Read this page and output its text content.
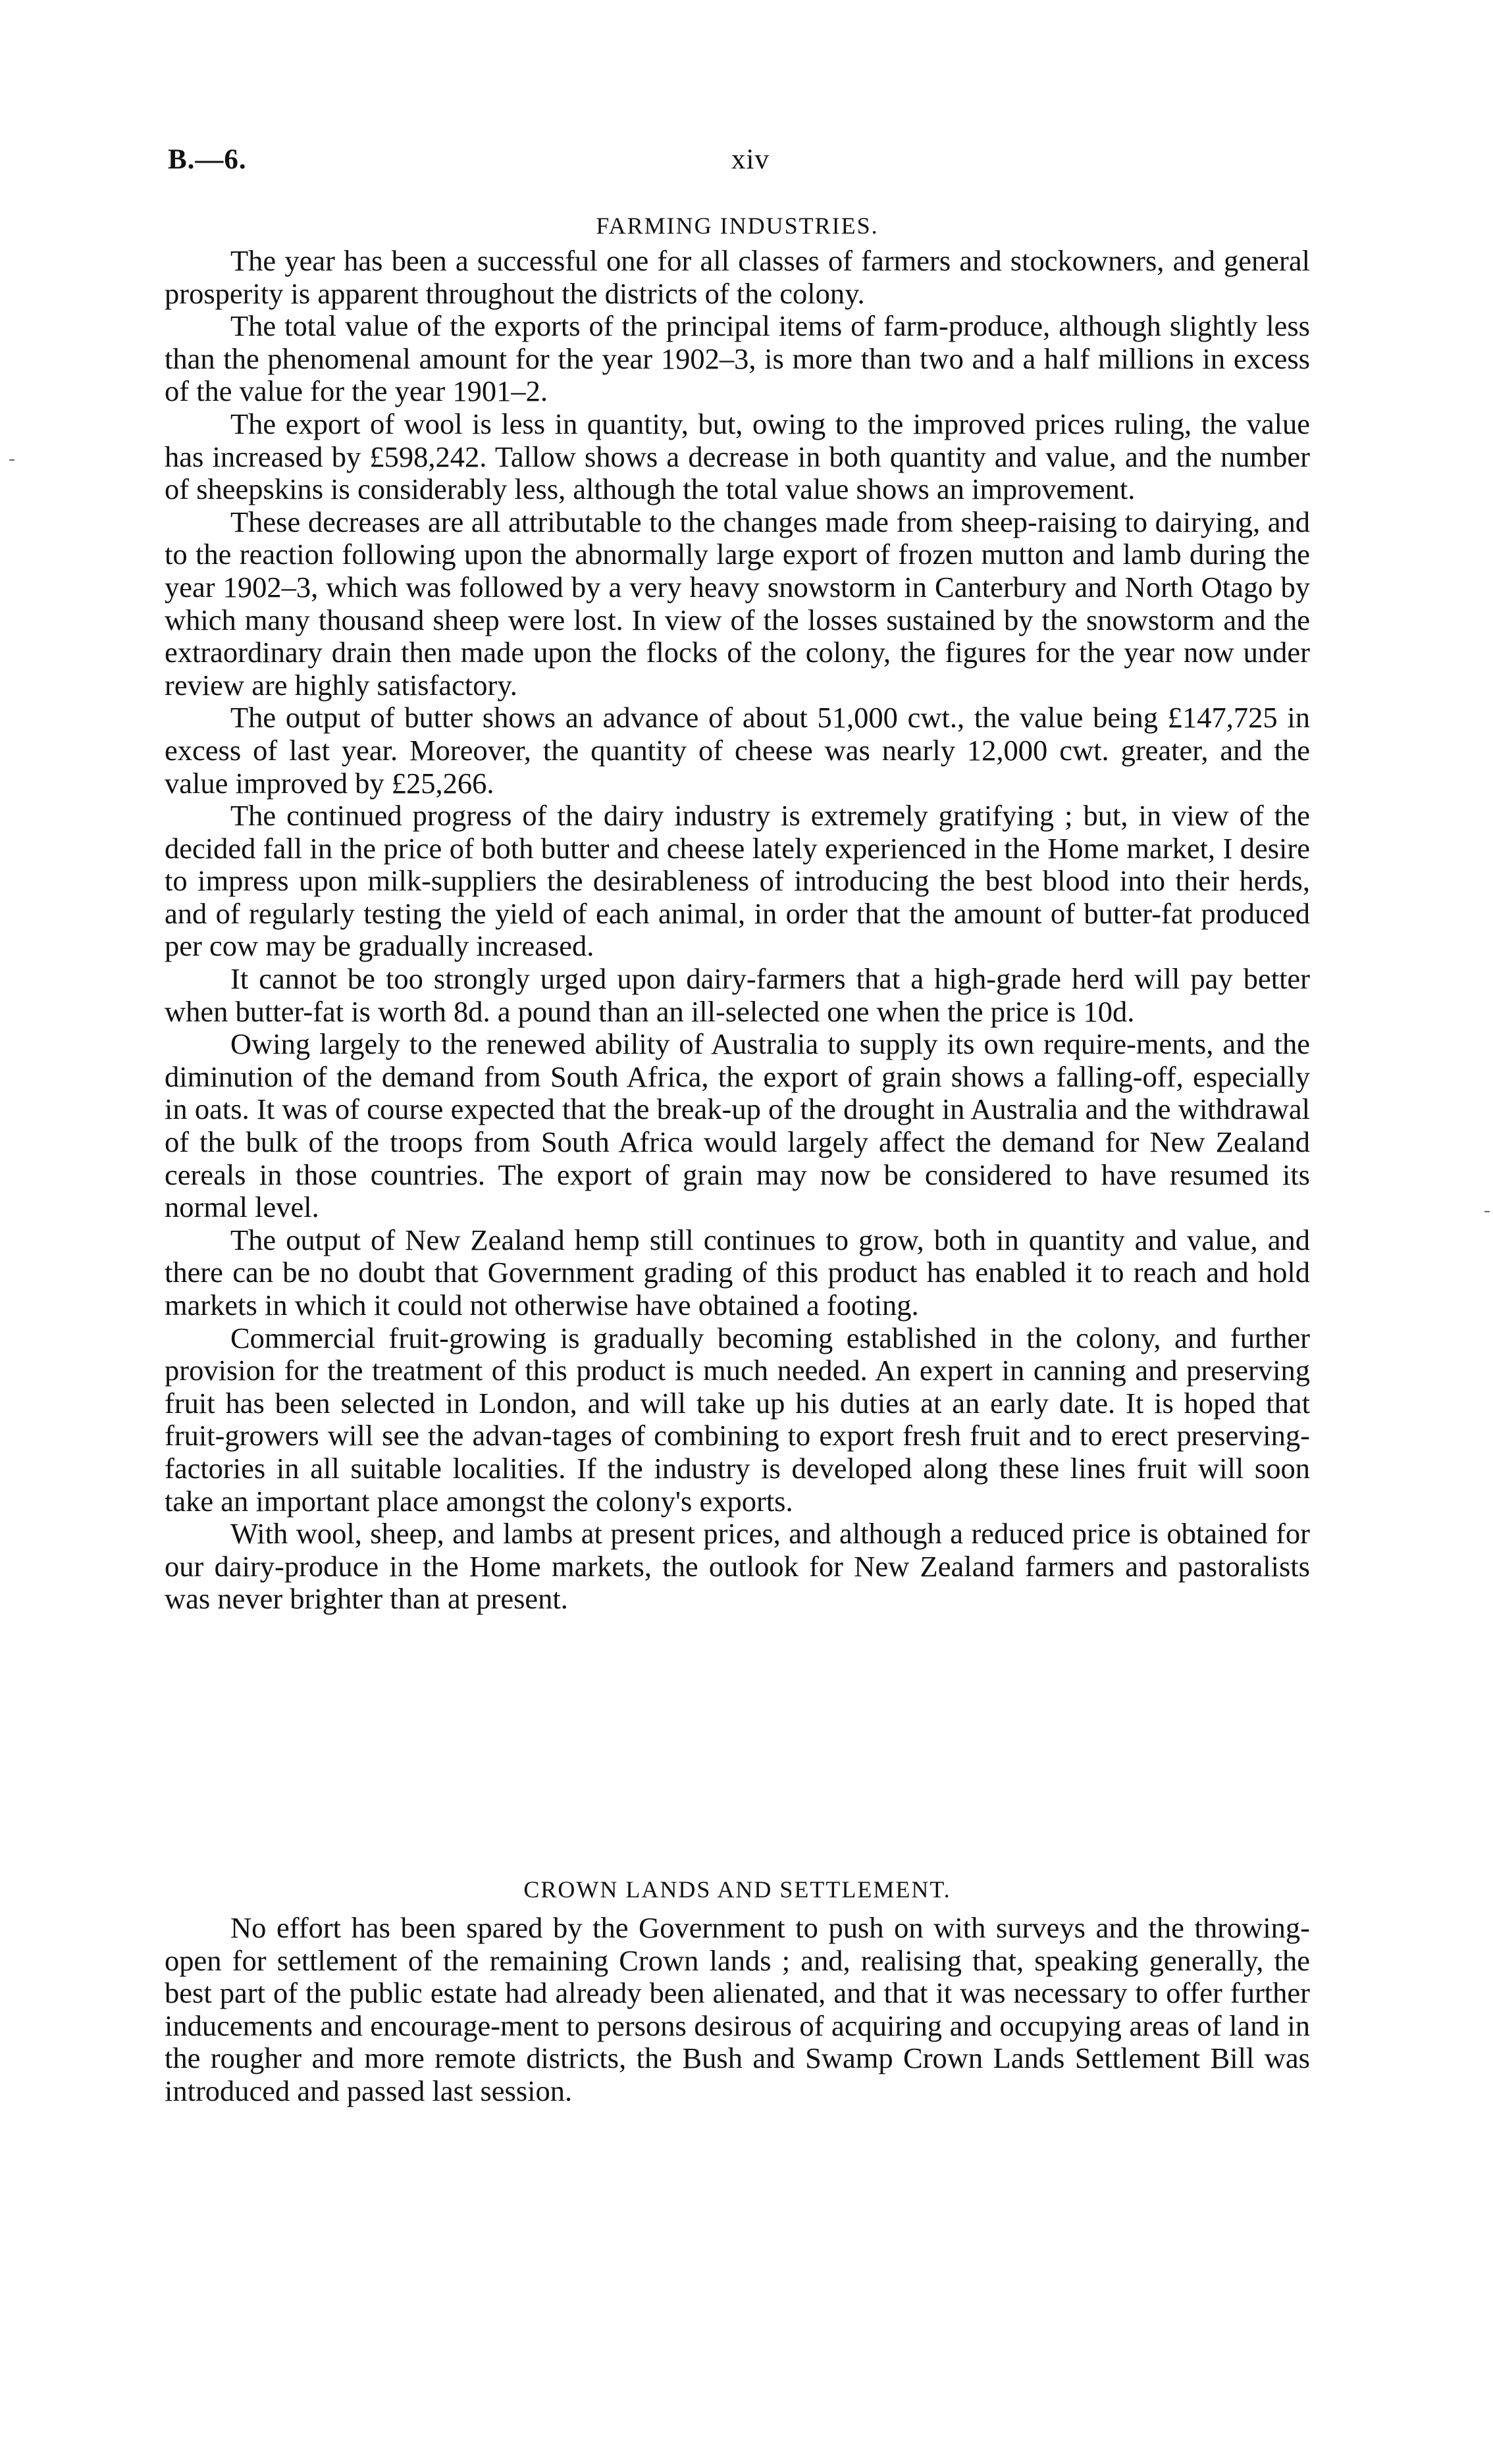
B.—6.	xiv
FARMING INDUSTRIES.

The year has been a successful one for all classes of farmers and stockowners, and general prosperity is apparent throughout the districts of the colony.

The total value of the exports of the principal items of farm-produce, although slightly less than the phenomenal amount for the year 1902–3, is more than two and a half millions in excess of the value for the year 1901–2.

The export of wool is less in quantity, but, owing to the improved prices ruling, the value has increased by £598,242. Tallow shows a decrease in both quantity and value, and the number of sheepskins is considerably less, although the total value shows an improvement.

These decreases are all attributable to the changes made from sheep-raising to dairying, and to the reaction following upon the abnormally large export of frozen mutton and lamb during the year 1902–3, which was followed by a very heavy snowstorm in Canterbury and North Otago by which many thousand sheep were lost. In view of the losses sustained by the snowstorm and the extraordinary drain then made upon the flocks of the colony, the figures for the year now under review are highly satisfactory.

The output of butter shows an advance of about 51,000 cwt., the value being £147,725 in excess of last year. Moreover, the quantity of cheese was nearly 12,000 cwt. greater, and the value improved by £25,266.

The continued progress of the dairy industry is extremely gratifying ; but, in view of the decided fall in the price of both butter and cheese lately experienced in the Home market, I desire to impress upon milk-suppliers the desirableness of introducing the best blood into their herds, and of regularly testing the yield of each animal, in order that the amount of butter-fat produced per cow may be gradually increased.

It cannot be too strongly urged upon dairy-farmers that a high-grade herd will pay better when butter-fat is worth 8d. a pound than an ill-selected one when the price is 10d.

Owing largely to the renewed ability of Australia to supply its own require-ments, and the diminution of the demand from South Africa, the export of grain shows a falling-off, especially in oats. It was of course expected that the break-up of the drought in Australia and the withdrawal of the bulk of the troops from South Africa would largely affect the demand for New Zealand cereals in those countries. The export of grain may now be considered to have resumed its normal level.

The output of New Zealand hemp still continues to grow, both in quantity and value, and there can be no doubt that Government grading of this product has enabled it to reach and hold markets in which it could not otherwise have obtained a footing.

Commercial fruit-growing is gradually becoming established in the colony, and further provision for the treatment of this product is much needed. An expert in canning and preserving fruit has been selected in London, and will take up his duties at an early date. It is hoped that fruit-growers will see the advan-tages of combining to export fresh fruit and to erect preserving-factories in all suitable localities. If the industry is developed along these lines fruit will soon take an important place amongst the colony's exports.

With wool, sheep, and lambs at present prices, and although a reduced price is obtained for our dairy-produce in the Home markets, the outlook for New Zealand farmers and pastoralists was never brighter than at present.

CROWN LANDS AND SETTLEMENT.

No effort has been spared by the Government to push on with surveys and the throwing-open for settlement of the remaining Crown lands ; and, realising that, speaking generally, the best part of the public estate had already been alienated, and that it was necessary to offer further inducements and encourage-ment to persons desirous of acquiring and occupying areas of land in the rougher and more remote districts, the Bush and Swamp Crown Lands Settlement Bill was introduced and passed last session.
